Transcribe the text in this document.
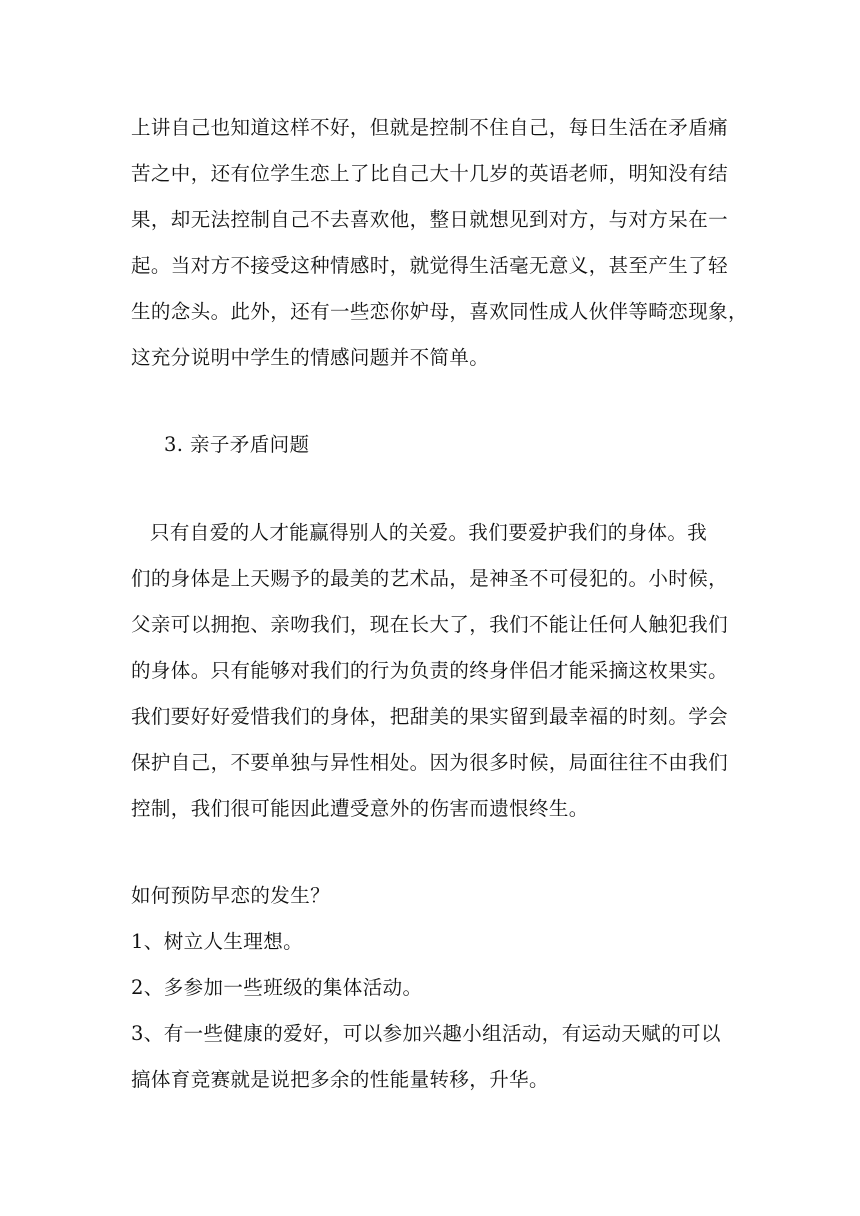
上讲自己也知道这样不好，但就是控制不住自己，每日生活在矛盾痛
苦之中，还有位学生恋上了比自己大十几岁的英语老师，明知没有结
果，却无法控制自己不去喜欢他，整日就想见到对方，与对方呆在一
起。当对方不接受这种情感时，就觉得生活毫无意义，甚至产生了轻
生的念头。此外，还有一些恋你妒母，喜欢同性成人伙伴等畸恋现象，
这充分说明中学生的情感问题并不简单。
3. 亲子矛盾问题
只有自爱的人才能赢得别人的关爱。我们要爱护我们的身体。我
们的身体是上天赐予的最美的艺术品，是神圣不可侵犯的。小时候，
父亲可以拥抱、亲吻我们，现在长大了，我们不能让任何人触犯我们
的身体。只有能够对我们的行为负责的终身伴侣才能采摘这枚果实。
我们要好好爱惜我们的身体，把甜美的果实留到最幸福的时刻。学会
保护自己，不要单独与异性相处。因为很多时候，局面往往不由我们
控制，我们很可能因此遭受意外的伤害而遗恨终生。
如何预防早恋的发生？
1、树立人生理想。
2、多参加一些班级的集体活动。
3、有一些健康的爱好，可以参加兴趣小组活动，有运动天赋的可以
搞体育竞赛就是说把多余的性能量转移，升华。
